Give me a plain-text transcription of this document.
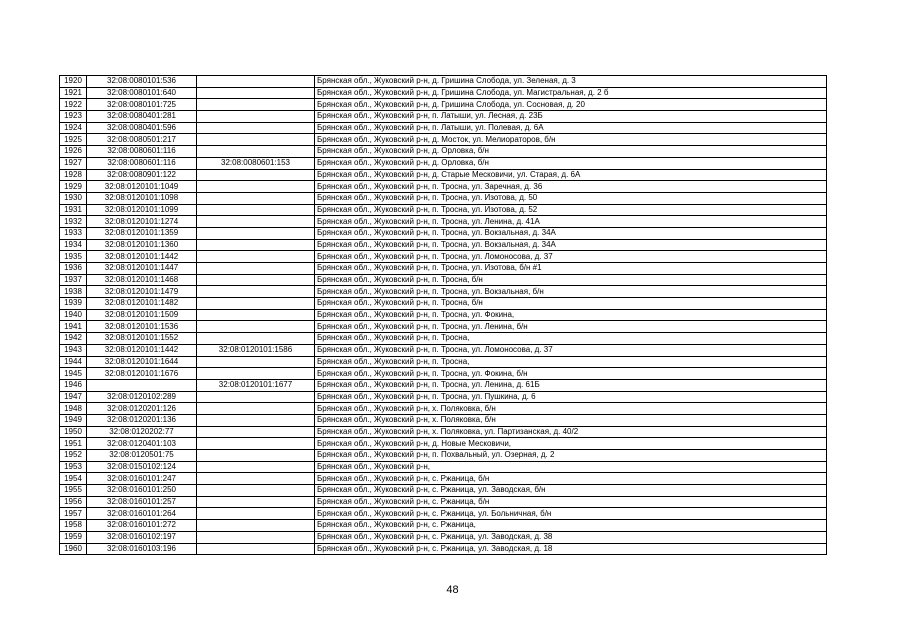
1920	32:08:0080101:536		Брянская обл., Жуковский р-н, д. Гришина Слобода, ул. Зеленая, д. 3
1921	32:08:0080101:640		Брянская обл., Жуковский р-н, д. Гришина Слобода, ул. Магистральная, д. 2 б
1922	32:08:0080101:725		Брянская обл., Жуковский р-н, д. Гришина Слобода, ул. Сосновая, д. 20
1923	32:08:0080401:281		Брянская обл., Жуковский р-н, п. Латыши, ул. Лесная, д. 23Б
1924	32:08:0080401:596		Брянская обл., Жуковский р-н, п. Латыши, ул. Полевая, д. 6А
1925	32:08:0080501:217		Брянская обл., Жуковский р-н, д. Мосток, ул. Мелиораторов, б/н
1926	32:08:0080601:116		Брянская обл., Жуковский р-н, д. Орловка, б/н
1927	32:08:0080601:116	32:08:0080601:153	Брянская обл., Жуковский р-н, д. Орловка, б/н
1928	32:08:0080901:122		Брянская обл., Жуковский р-н, д. Старые Месковичи, ул. Старая, д. 6А
1929	32:08:0120101:1049		Брянская обл., Жуковский р-н, п. Тросна, ул. Заречная, д. 36
1930	32:08:0120101:1098		Брянская обл., Жуковский р-н, п. Тросна, ул. Изотова, д. 50
1931	32:08:0120101:1099		Брянская обл., Жуковский р-н, п. Тросна, ул. Изотова, д. 52
1932	32:08:0120101:1274		Брянская обл., Жуковский р-н, п. Тросна, ул. Ленина, д. 41А
1933	32:08:0120101:1359		Брянская обл., Жуковский р-н, п. Тросна, ул. Вокзальная, д. 34А
1934	32:08:0120101:1360		Брянская обл., Жуковский р-н, п. Тросна, ул. Вокзальная, д. 34А
1935	32:08:0120101:1442		Брянская обл., Жуковский р-н, п. Тросна, ул. Ломоносова, д. 37
1936	32:08:0120101:1447		Брянская обл., Жуковский р-н, п. Тросна, ул. Изотова, б/н #1
1937	32:08:0120101:1468		Брянская обл., Жуковский р-н, п. Тросна, б/н
1938	32:08:0120101:1479		Брянская обл., Жуковский р-н, п. Тросна, ул. Вокзальная, б/н
1939	32:08:0120101:1482		Брянская обл., Жуковский р-н, п. Тросна, б/н
1940	32:08:0120101:1509		Брянская обл., Жуковский р-н, п. Тросна, ул. Фокина,
1941	32:08:0120101:1536		Брянская обл., Жуковский р-н, п. Тросна, ул. Ленина, б/н
1942	32:08:0120101:1552		Брянская обл., Жуковский р-н, п. Тросна,
1943	32:08:0120101:1442	32:08:0120101:1586	Брянская обл., Жуковский р-н, п. Тросна, ул. Ломоносова, д. 37
1944	32:08:0120101:1644		Брянская обл., Жуковский р-н, п. Тросна,
1945	32:08:0120101:1676		Брянская обл., Жуковский р-н, п. Тросна, ул. Фокина, б/н
1946		32:08:0120101:1677	Брянская обл., Жуковский р-н, п. Тросна, ул. Ленина, д. 61Б
1947	32:08:0120102:289		Брянская обл., Жуковский р-н, п. Тросна, ул. Пушкина, д. 6
1948	32:08:0120201:126		Брянская обл., Жуковский р-н, х. Поляковка, б/н
1949	32:08:0120201:136		Брянская обл., Жуковский р-н, х. Поляковка, б/н
1950	32:08:0120202:77		Брянская обл., Жуковский р-н, х. Поляковка, ул. Партизанская, д. 40/2
1951	32:08:0120401:103		Брянская обл., Жуковский р-н, д. Новые Месковичи,
1952	32:08:0120501:75		Брянская обл., Жуковский р-н, п. Похвальный, ул. Озерная, д. 2
1953	32:08:0150102:124		Брянская обл., Жуковский р-н,
1954	32:08:0160101:247		Брянская обл., Жуковский р-н, с. Ржаница, б/н
1955	32:08:0160101:250		Брянская обл., Жуковский р-н, с. Ржаница, ул. Заводская, б/н
1956	32:08:0160101:257		Брянская обл., Жуковский р-н, с. Ржаница, б/н
1957	32:08:0160101:264		Брянская обл., Жуковский р-н, с. Ржаница, ул. Больничная, б/н
1958	32:08:0160101:272		Брянская обл., Жуковский р-н, с. Ржаница,
1959	32:08:0160102:197		Брянская обл., Жуковский р-н, с. Ржаница, ул. Заводская, д. 38
1960	32:08:0160103:196		Брянская обл., Жуковский р-н, с. Ржаница, ул. Заводская, д. 18
48
